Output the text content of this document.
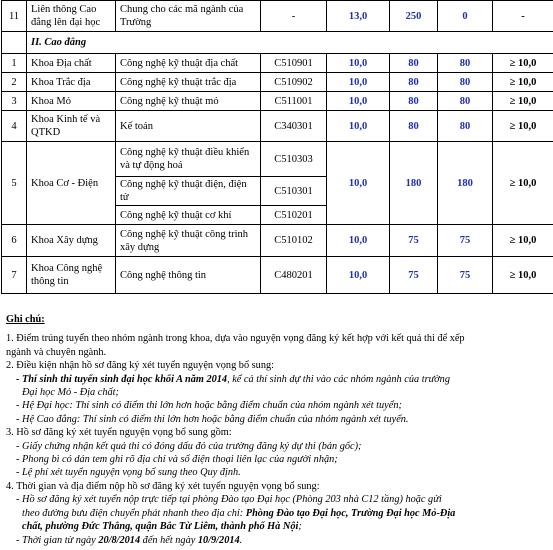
11	Liên thông Cao đẳng lên đại học	Chung cho các mã ngành của Trường	-	13,0	250	0	-
	II. Cao đẳng						
1	Khoa Địa chất	Công nghệ kỹ thuật địa chất	C510901	10,0	80	80	≥ 10,0
2	Khoa Trắc địa	Công nghệ kỹ thuật trắc địa	C510902	10,0	80	80	≥ 10,0
3	Khoa Mỏ	Công nghệ kỹ thuật mỏ	C511001	10,0	80	80	≥ 10,0
4	Khoa Kinh tế và QTKD	Kế toán	C340301	10,0	80	80	≥ 10,0
5	Khoa Cơ - Điện	Công nghệ kỹ thuật điều khiển và tự động hoá	C510303	10,0	180	180	≥ 10,0
		Công nghệ kỹ thuật điện, điện tử	C510301				
		Công nghệ kỹ thuật cơ khí	C510201				
6	Khoa Xây dựng	Công nghệ kỹ thuật công trình xây dựng	C510102	10,0	75	75	≥ 10,0
7	Khoa Công nghệ thông tin	Công nghệ thông tin	C480201	10,0	75	75	≥ 10,0
Ghi chú:
1. Điểm trúng tuyển theo nhóm ngành trong khoa, dựa vào nguyện vọng đăng ký kết hợp với kết quả thi để xếp
ngành và chuyên ngành.
2. Điều kiện nhận hồ sơ đăng ký xét tuyển nguyện vọng bổ sung:
- Thí sinh thi tuyển sinh đại học khối A năm 2014, kể cả thí sinh dự thi vào các nhóm ngành của trường
Đại học Mỏ - Địa chất;
- Hệ Đại học: Thí sinh có điểm thi lớn hơn hoặc bằng điểm chuẩn của nhóm ngành xét tuyển;
- Hệ Cao đẳng: Thí sinh có điểm thi lớn hơn hoặc bằng điểm chuẩn của nhóm ngành xét tuyển.
3. Hồ sơ đăng ký xét tuyển nguyện vọng bổ sung gồm:
- Giấy chứng nhận kết quả thi có đóng dấu đỏ của trường đăng ký dự thi (bản gốc);
- Phong bì có dán tem ghi rõ địa chỉ và số điện thoại liên lạc của người nhận;
- Lệ phí xét tuyển nguyện vọng bổ sung theo Quy định.
4. Thời gian và địa điểm nộp hồ sơ đăng ký xét tuyển nguyện vọng bổ sung:
- Hồ sơ đăng ký xét tuyển nộp trực tiếp tại phòng Đào tạo Đại học (Phòng 203 nhà C12 tầng) hoặc gửi
theo đường bưu điện chuyển phát nhanh theo địa chỉ: Phòng Đào tạo Đại học, Trường Đại học Mỏ-Địa
chất, phường Đức Thắng, quận Bắc Từ Liêm, thành phố Hà Nội;
- Thời gian từ ngày 20/8/2014 đến hết ngày 10/9/2014.
